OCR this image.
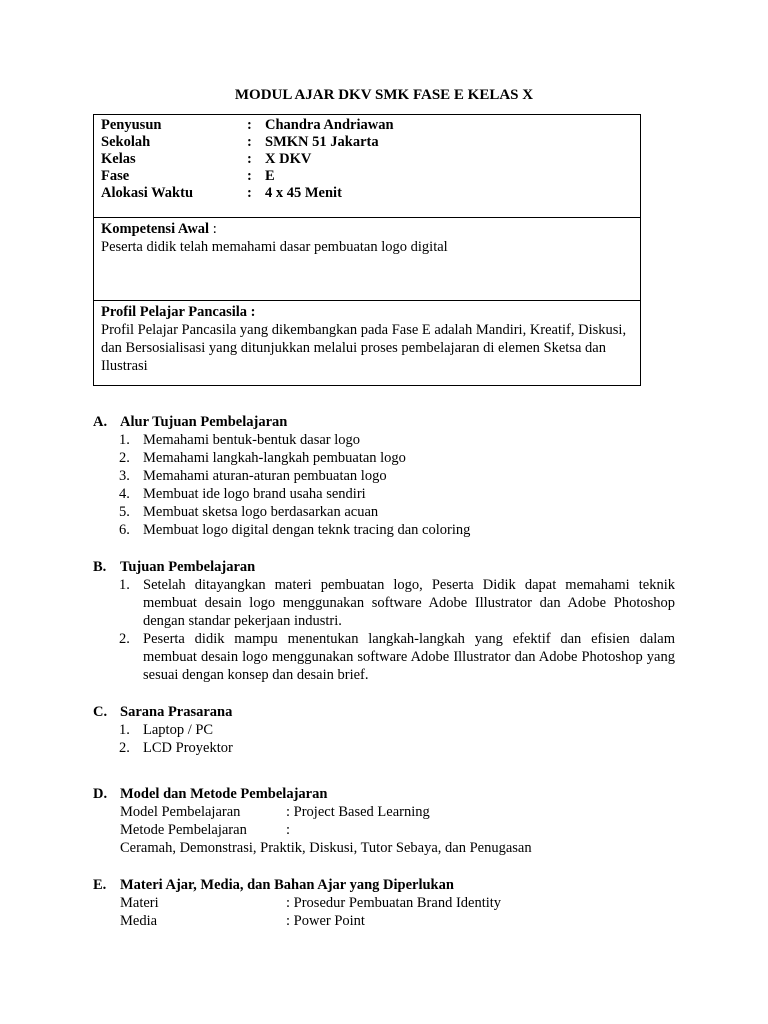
MODUL AJAR DKV SMK FASE E KELAS X
Penyusun	: Chandra Andriawan
Sekolah	: SMKN 51 Jakarta
Kelas	: X DKV
Fase	: E
Alokasi Waktu	: 4 x 45 Menit
Kompetensi Awal :
Peserta didik telah memahami dasar pembuatan logo digital
Profil Pelajar Pancasila :
Profil Pelajar Pancasila yang dikembangkan pada Fase E adalah Mandiri, Kreatif, Diskusi, dan Bersosialisasi yang ditunjukkan melalui proses pembelajaran di elemen Sketsa dan Ilustrasi
A. Alur Tujuan Pembelajaran
1. Memahami bentuk-bentuk dasar logo
2. Memahami langkah-langkah pembuatan logo
3. Memahami aturan-aturan pembuatan logo
4. Membuat ide logo brand usaha sendiri
5. Membuat sketsa logo berdasarkan acuan
6. Membuat logo digital dengan teknk tracing dan coloring
B. Tujuan Pembelajaran
1. Setelah ditayangkan materi pembuatan logo, Peserta Didik dapat memahami teknik membuat desain logo menggunakan software Adobe Illustrator dan Adobe Photoshop dengan standar pekerjaan industri.
2. Peserta didik mampu menentukan langkah-langkah yang efektif dan efisien dalam membuat desain logo menggunakan software Adobe Illustrator dan Adobe Photoshop yang sesuai dengan konsep dan desain brief.
C. Sarana Prasarana
1. Laptop / PC
2. LCD Proyektor
D. Model dan Metode Pembelajaran
Model Pembelajaran	: Project Based Learning
Metode Pembelajaran	:
Ceramah, Demonstrasi, Praktik, Diskusi, Tutor Sebaya, dan Penugasan
E. Materi Ajar, Media, dan Bahan Ajar yang Diperlukan
Materi	: Prosedur Pembuatan Brand Identity
Media	: Power Point
